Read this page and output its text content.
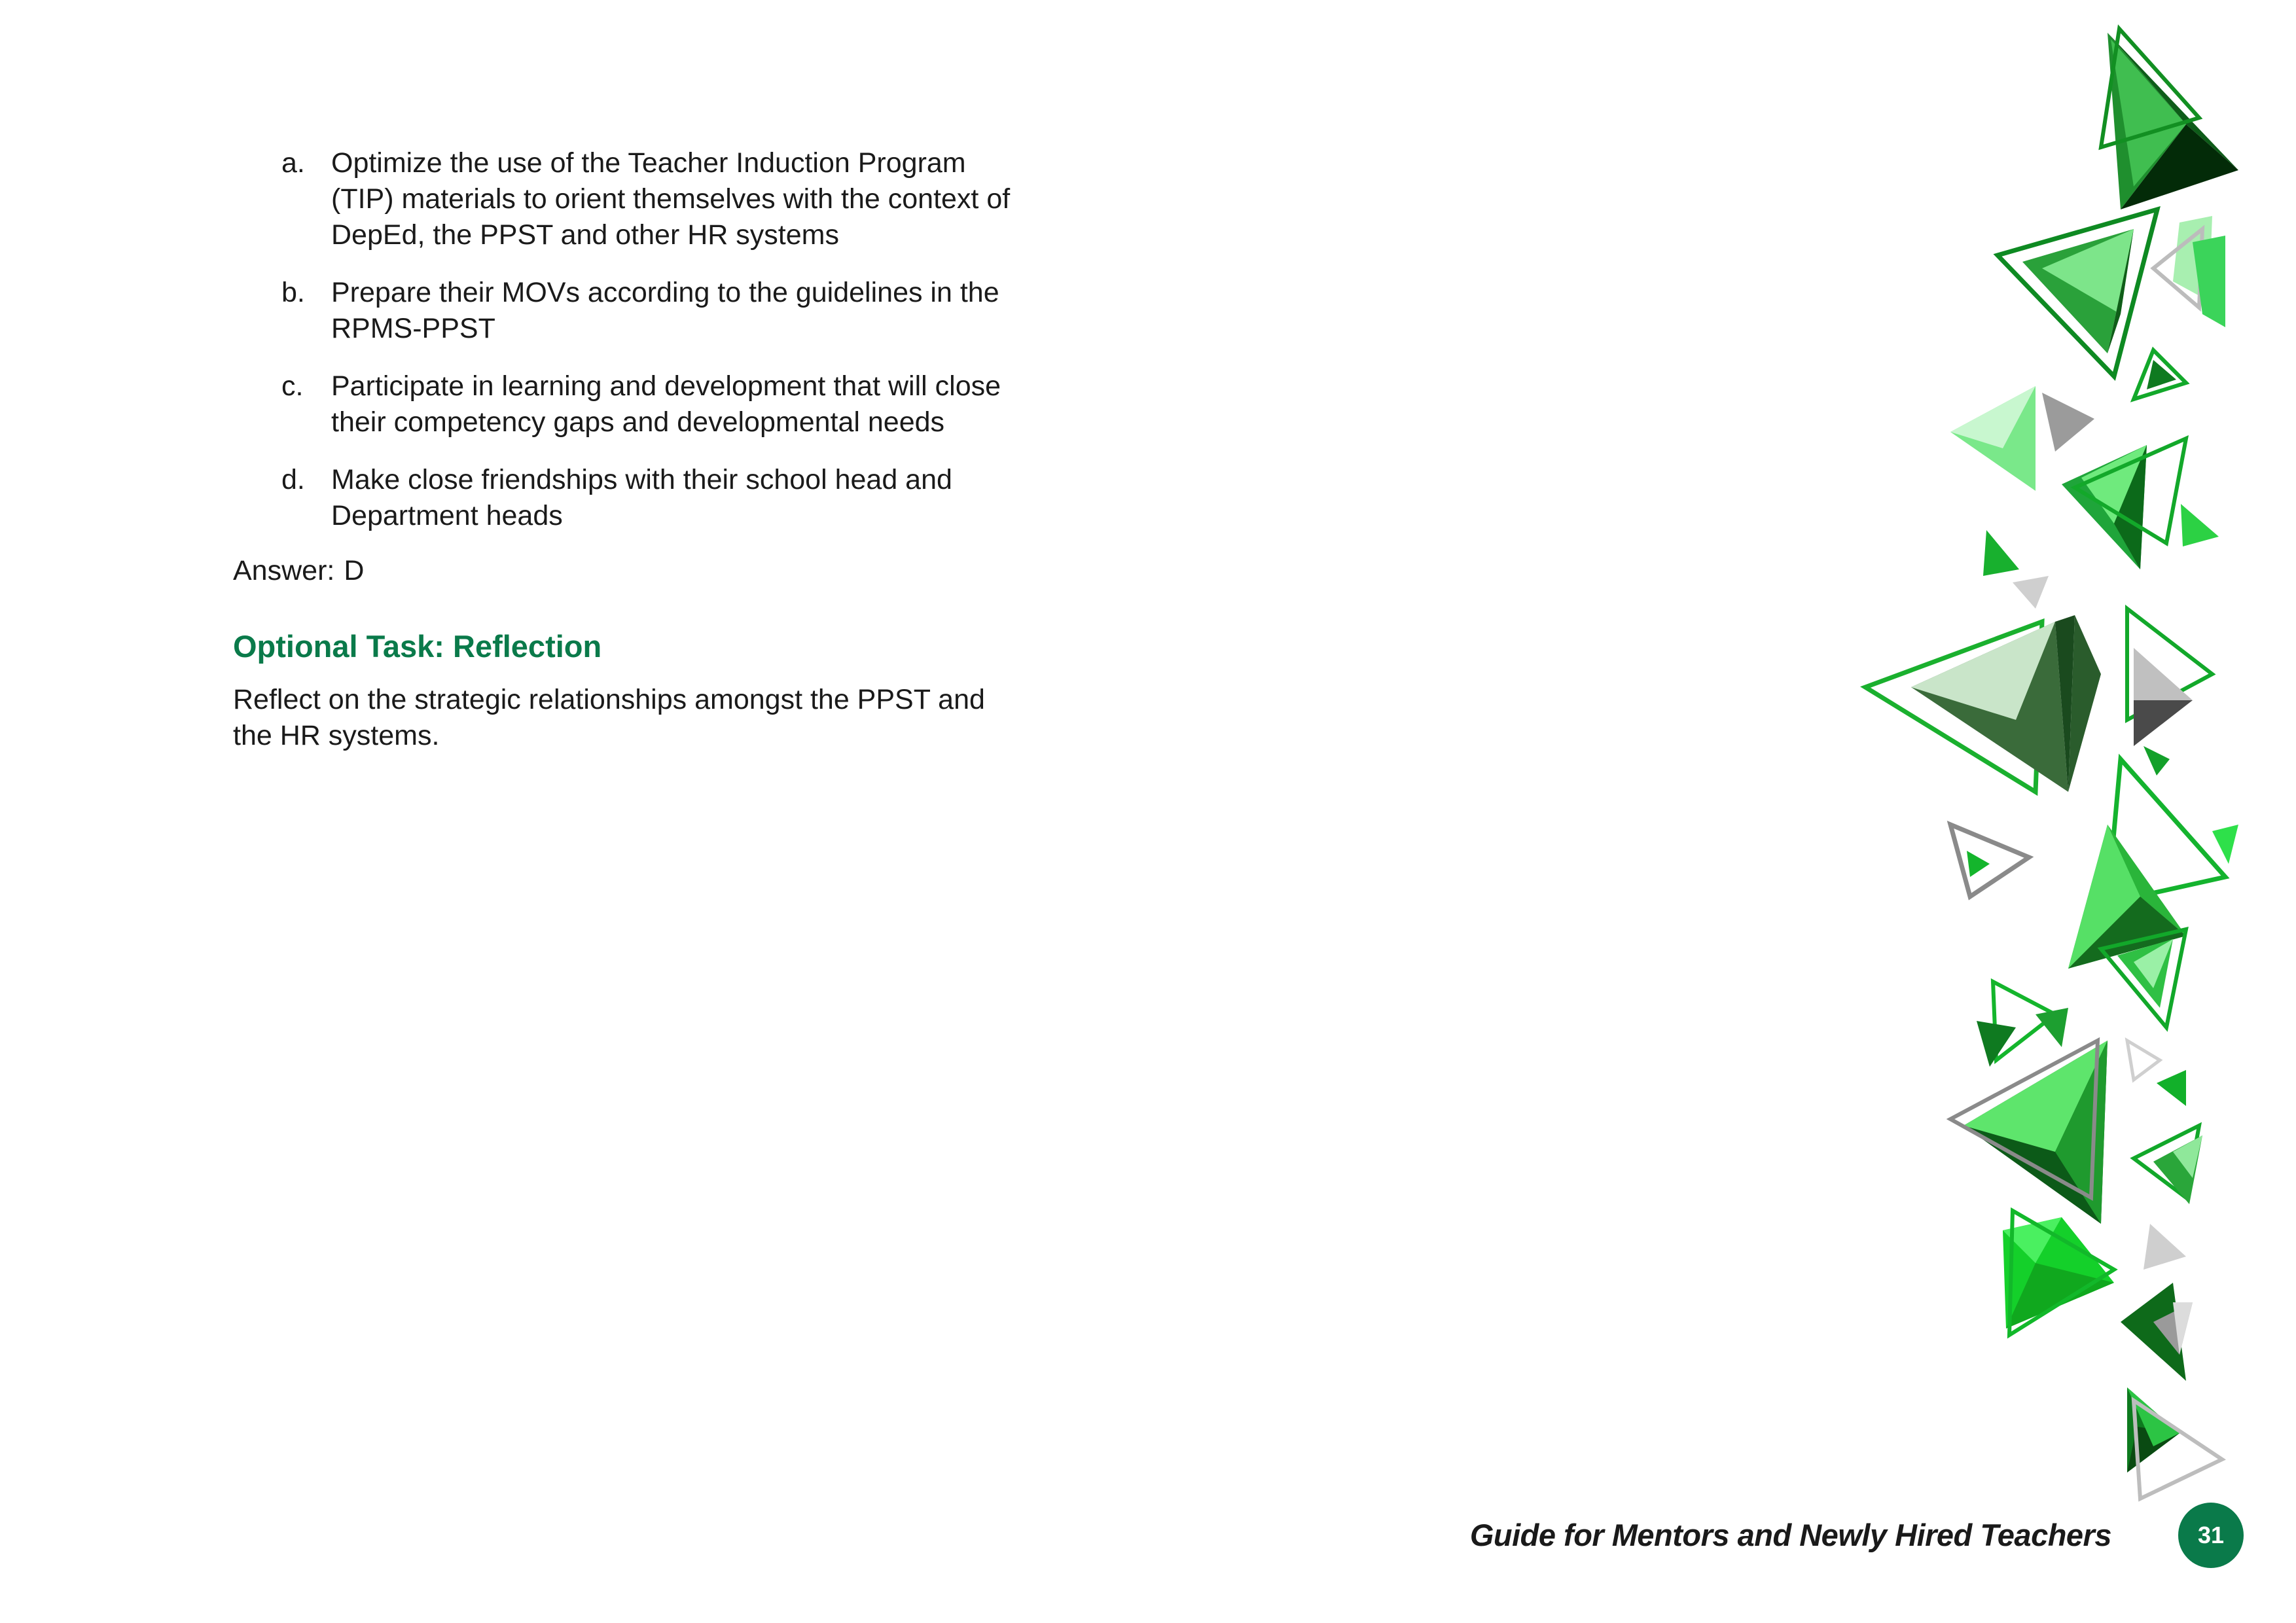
a. Optimize the use of the Teacher Induction Program (TIP) materials to orient themselves with the context of DepEd, the PPST and other HR systems
b. Prepare their MOVs according to the guidelines in the RPMS-PPST
c. Participate in learning and development that will close their competency gaps and developmental needs
d. Make close friendships with their school head and Department heads
Answer: D
Optional Task: Reflection

Reflect on the strategic relationships amongst the PPST and the HR systems.

Guide for Mentors and Newly Hired Teachers	31
